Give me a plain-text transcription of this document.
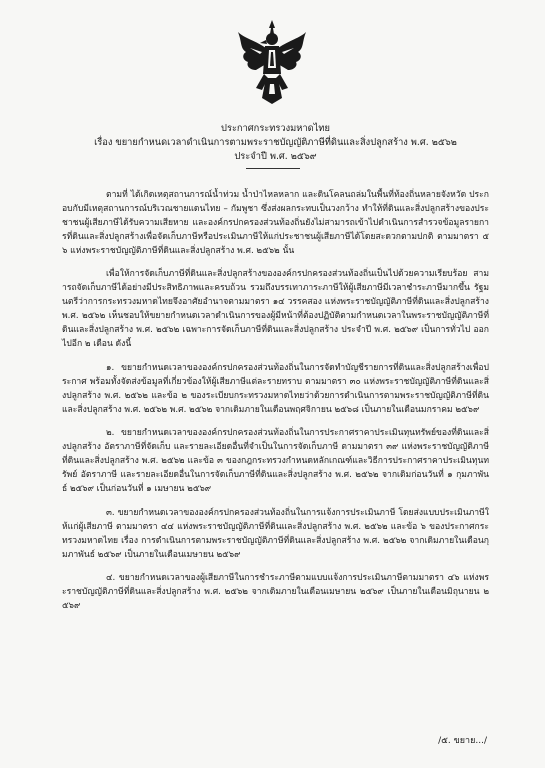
ประกาศกระทรวงมหาดไทย
เรื่อง ขยายกำหนดเวลาดำเนินการตามพระราชบัญญัติภาษีที่ดินและสิ่งปลูกสร้าง พ.ศ. ๒๕๖๒
ประจำปี พ.ศ. ๒๕๖๙

ตามที่ ได้เกิดเหตุสถานการณ์น้ำท่วม น้ำป่าไหลหลาก และดินโคลนถล่มในพื้นที่ท้องถิ่นหลายจังหวัด ประกอบกับมีเหตุสถานการณ์บริเวณชายแดนไทย – กัมพูชา ซึ่งส่งผลกระทบเป็นวงกว้าง ทำให้ที่ดินและสิ่งปลูกสร้างของประชาชนผู้เสียภาษีได้รับความเสียหาย และองค์กรปกครองส่วนท้องถิ่นยังไม่สามารถเข้าไปดำเนินการสำรวจข้อมูลรายการที่ดินและสิ่งปลูกสร้างเพื่อจัดเก็บภาษีหรือประเมินภาษีให้แก่ประชาชนผู้เสียภาษีได้โดยสะดวกตามปกติ ตามมาตรา ๕๖ แห่งพระราชบัญญัติภาษีที่ดินและสิ่งปลูกสร้าง พ.ศ. ๒๕๖๒ นั้น

เพื่อให้การจัดเก็บภาษีที่ดินและสิ่งปลูกสร้างขององค์กรปกครองส่วนท้องถิ่นเป็นไปด้วยความเรียบร้อย สามารถจัดเก็บภาษีได้อย่างมีประสิทธิภาพและครบถ้วน รวมถึงบรรเทาภาระภาษีให้ผู้เสียภาษีมีเวลาชำระภาษีมากขึ้น รัฐมนตรีว่าการกระทรวงมหาดไทยจึงอาศัยอำนาจตามมาตรา ๑๔ วรรคสอง แห่งพระราชบัญญัติภาษีที่ดินและสิ่งปลูกสร้าง พ.ศ. ๒๕๖๒ เห็นชอบให้ขยายกำหนดเวลาดำเนินการของผู้มีหน้าที่ต้องปฏิบัติตามกำหนดเวลาในพระราชบัญญัติภาษีที่ดินและสิ่งปลูกสร้าง พ.ศ. ๒๕๖๒ เฉพาะการจัดเก็บภาษีที่ดินและสิ่งปลูกสร้าง ประจำปี พ.ศ. ๒๕๖๙ เป็นการทั่วไป ออกไปอีก ๒ เดือน ดังนี้

๑. ขยายกำหนดเวลาขององค์กรปกครองส่วนท้องถิ่นในการจัดทำบัญชีรายการที่ดินและสิ่งปลูกสร้างเพื่อประกาศ พร้อมทั้งจัดส่งข้อมูลที่เกี่ยวข้องให้ผู้เสียภาษีแต่ละรายทราบ ตามมาตรา ๓๐ แห่งพระราชบัญญัติภาษีที่ดินและสิ่งปลูกสร้าง พ.ศ. ๒๕๖๒ และข้อ ๒ ของระเบียบกระทรวงมหาดไทยว่าด้วยการดำเนินการตามพระราชบัญญัติภาษีที่ดินและสิ่งปลูกสร้าง พ.ศ. ๒๕๖๒ พ.ศ. ๒๕๖๒ จากเดิมภายในเดือนพฤศจิกายน ๒๕๖๘ เป็นภายในเดือนมกราคม ๒๕๖๙

๒. ขยายกำหนดเวลาขององค์กรปกครองส่วนท้องถิ่นในการประกาศราคาประเมินทุนทรัพย์ของที่ดินและสิ่งปลูกสร้าง อัตราภาษีที่จัดเก็บ และรายละเอียดอื่นที่จำเป็นในการจัดเก็บภาษี ตามมาตรา ๓๙ แห่งพระราชบัญญัติภาษีที่ดินและสิ่งปลูกสร้าง พ.ศ. ๒๕๖๒ และข้อ ๓ ของกฎกระทรวงกำหนดหลักเกณฑ์และวิธีการประกาศราคาประเมินทุนทรัพย์ อัตราภาษี และรายละเอียดอื่นในการจัดเก็บภาษีที่ดินและสิ่งปลูกสร้าง พ.ศ. ๒๕๖๒ จากเดิมก่อนวันที่ ๑ กุมภาพันธ์ ๒๕๖๙ เป็นก่อนวันที่ ๑ เมษายน ๒๕๖๙

๓. ขยายกำหนดเวลาขององค์กรปกครองส่วนท้องถิ่นในการแจ้งการประเมินภาษี โดยส่งแบบประเมินภาษีให้แก่ผู้เสียภาษี ตามมาตรา ๔๔ แห่งพระราชบัญญัติภาษีที่ดินและสิ่งปลูกสร้าง พ.ศ. ๒๕๖๒ และข้อ ๖ ของประกาศกระทรวงมหาดไทย เรื่อง การดำเนินการตามพระราชบัญญัติภาษีที่ดินและสิ่งปลูกสร้าง พ.ศ. ๒๕๖๒ จากเดิมภายในเดือนกุมภาพันธ์ ๒๕๖๙ เป็นภายในเดือนเมษายน ๒๕๖๙

๔. ขยายกำหนดเวลาของผู้เสียภาษีในการชำระภาษีตามแบบแจ้งการประเมินภาษีตามมาตรา ๔๖ แห่งพระราชบัญญัติภาษีที่ดินและสิ่งปลูกสร้าง พ.ศ. ๒๕๖๒ จากเดิมภายในเดือนเมษายน ๒๕๖๙ เป็นภายในเดือนมิถุนายน ๒๕๖๙

/๕. ขยาย.../
